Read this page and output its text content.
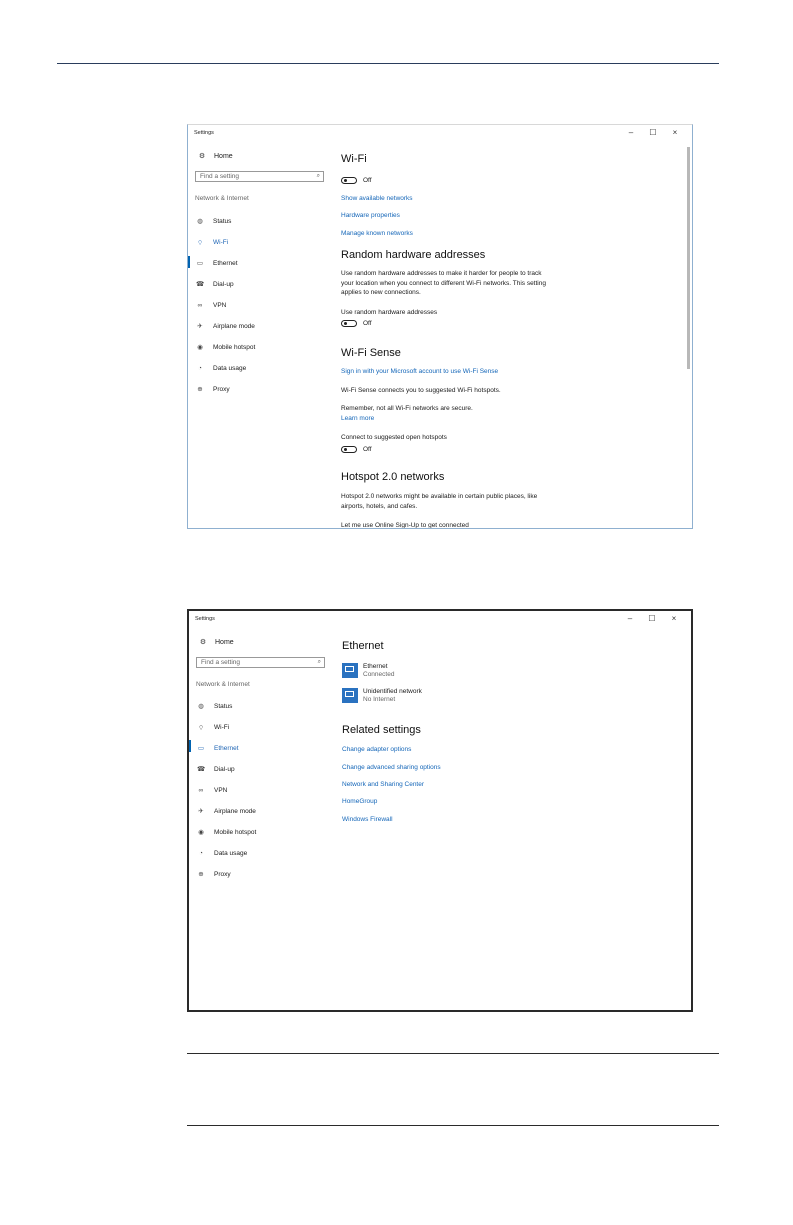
Settings	–	☐	×
⚙	Home
Find a setting	⌕
Network & Internet
◍	Status
⌔ Wi-Fi
▭ Ethernet
☎ Dial-up
∞	VPN
✈	Airplane mode
◉	Mobile hotspot
◔	Data usage
⊕	Proxy
Wi-Fi
Off
Show available networks
Hardware properties
Manage known networks
Random hardware addresses
Use random hardware addresses to make it harder for people to track your location when you connect to different Wi-Fi networks. This setting applies to new connections.
Use random hardware addresses
Off
Wi-Fi Sense
Sign in with your Microsoft account to use Wi-Fi Sense
Wi-Fi Sense connects you to suggested Wi-Fi hotspots.
Remember, not all Wi-Fi networks are secure.
Learn more
Connect to suggested open hotspots
Off
Hotspot 2.0 networks
Hotspot 2.0 networks might be available in certain public places, like airports, hotels, and cafes.
Let me use Online Sign-Up to get connected
Settings	–	☐	×
⚙	Home
Find a setting	⌕
Network & Internet
◍	Status
⌔ Wi-Fi
▭ Ethernet
☎ Dial-up
∞	VPN
✈	Airplane mode
◉	Mobile hotspot
◔	Data usage
⊕	Proxy
Ethernet
Ethernet
Connected
Unidentified network
No Internet
Related settings
Change adapter options
Change advanced sharing options
Network and Sharing Center
HomeGroup
Windows Firewall
